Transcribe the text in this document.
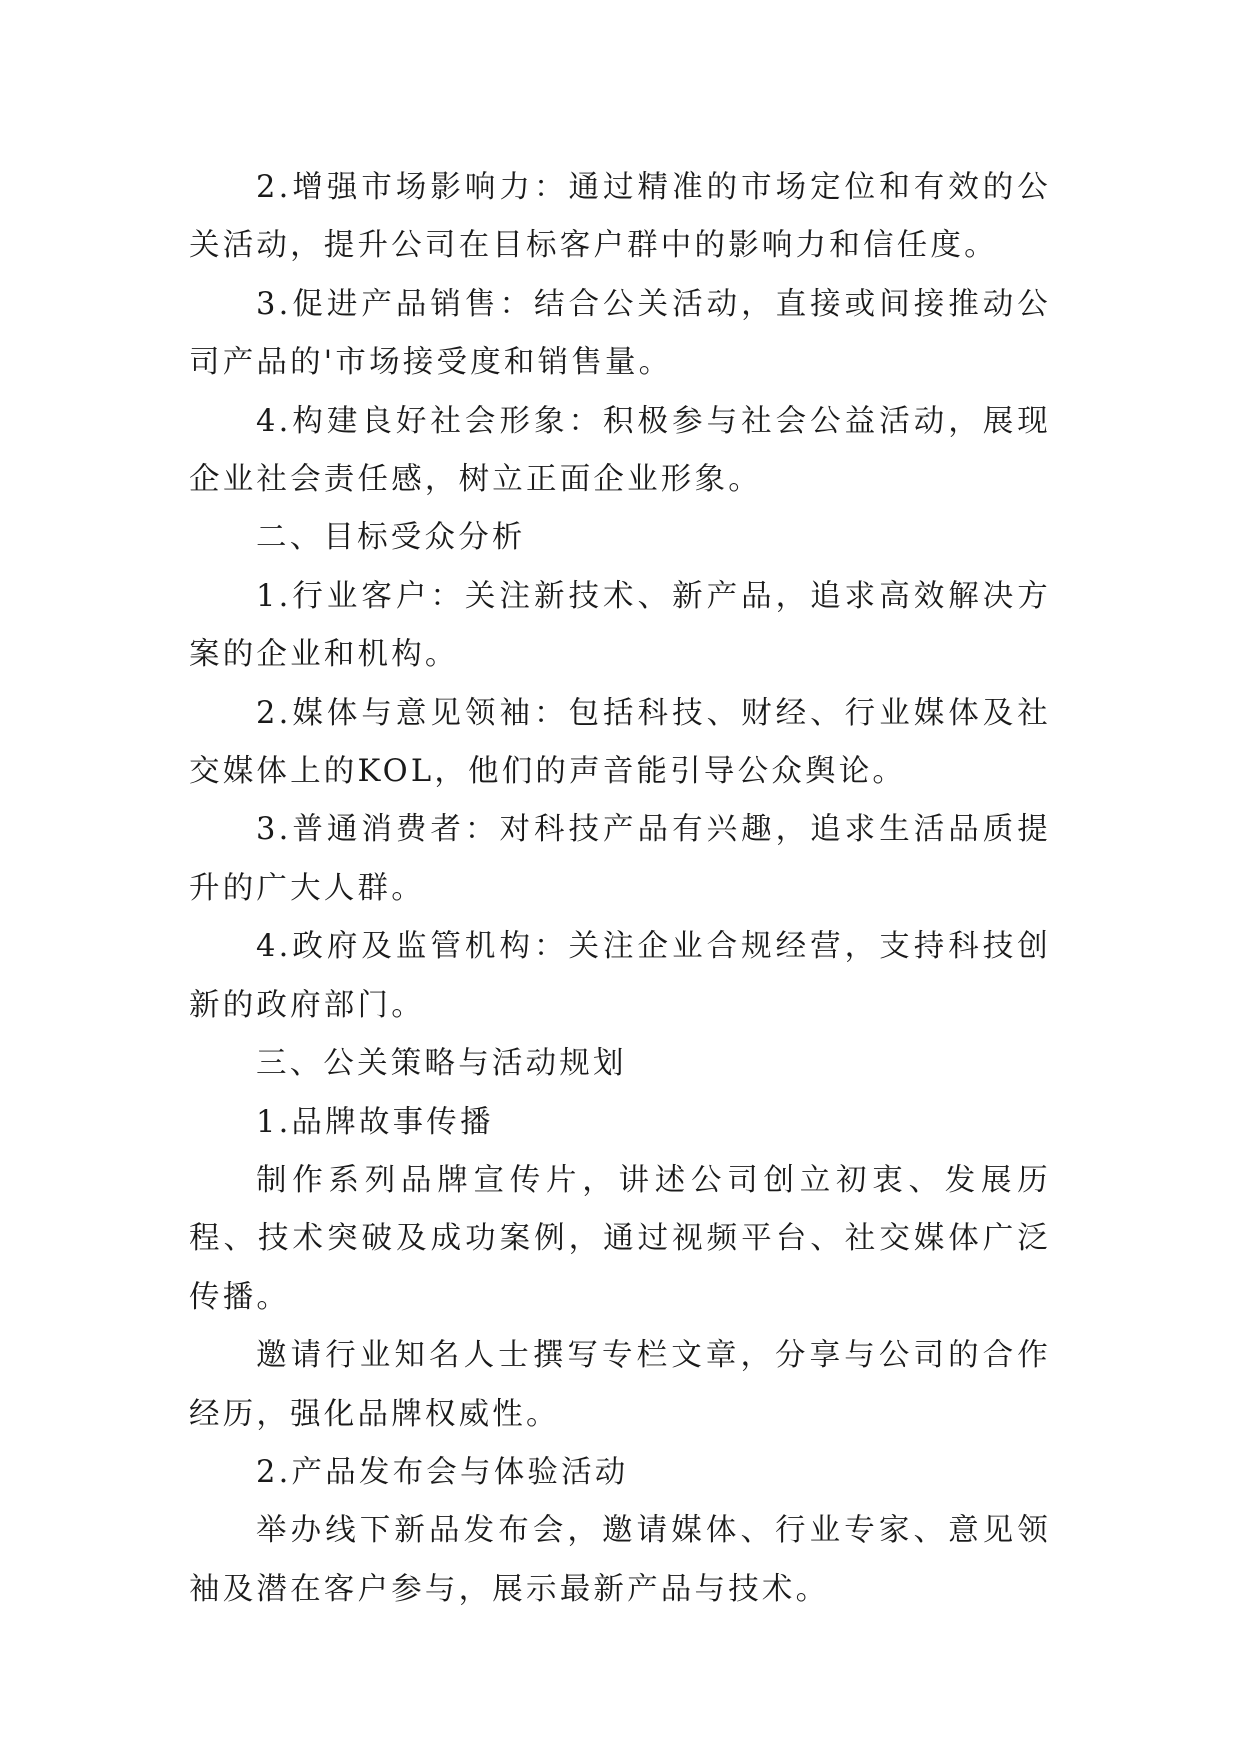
2.增强市场影响力：通过精准的市场定位和有效的公关活动，提升公司在目标客户群中的影响力和信任度。

3.促进产品销售：结合公关活动，直接或间接推动公司产品的'市场接受度和销售量。

4.构建良好社会形象：积极参与社会公益活动，展现企业社会责任感，树立正面企业形象。

二、目标受众分析

1.行业客户：关注新技术、新产品，追求高效解决方案的企业和机构。

2.媒体与意见领袖：包括科技、财经、行业媒体及社交媒体上的KOL，他们的声音能引导公众舆论。

3.普通消费者：对科技产品有兴趣，追求生活品质提升的广大人群。

4.政府及监管机构：关注企业合规经营，支持科技创新的政府部门。

三、公关策略与活动规划

1.品牌故事传播

制作系列品牌宣传片，讲述公司创立初衷、发展历程、技术突破及成功案例，通过视频平台、社交媒体广泛传播。

邀请行业知名人士撰写专栏文章，分享与公司的合作经历，强化品牌权威性。

2.产品发布会与体验活动

举办线下新品发布会，邀请媒体、行业专家、意见领袖及潜在客户参与，展示最新产品与技术。
